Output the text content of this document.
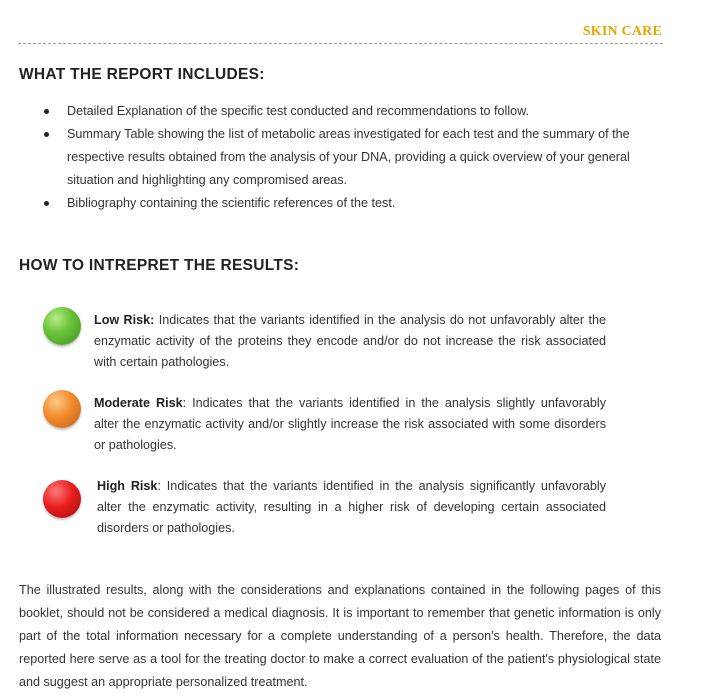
SKIN CARE
WHAT THE REPORT INCLUDES:
Detailed Explanation of the specific test conducted and recommendations to follow.
Summary Table showing the list of metabolic areas investigated for each test and the summary of the respective results obtained from the analysis of your DNA, providing a quick overview of your general situation and highlighting any compromised areas.
Bibliography containing the scientific references of the test.
HOW TO INTREPRET THE RESULTS:
Low Risk: Indicates that the variants identified in the analysis do not unfavorably alter the enzymatic activity of the proteins they encode and/or do not increase the risk associated with certain pathologies.
Moderate Risk: Indicates that the variants identified in the analysis slightly unfavorably alter the enzymatic activity and/or slightly increase the risk associated with some disorders or pathologies.
High Risk: Indicates that the variants identified in the analysis significantly unfavorably alter the enzymatic activity, resulting in a higher risk of developing certain associated disorders or pathologies.

The illustrated results, along with the considerations and explanations contained in the following pages of this booklet, should not be considered a medical diagnosis. It is important to remember that genetic information is only part of the total information necessary for a complete understanding of a person's health. Therefore, the data reported here serve as a tool for the treating doctor to make a correct evaluation of the patient's physiological state and suggest an appropriate personalized treatment.
